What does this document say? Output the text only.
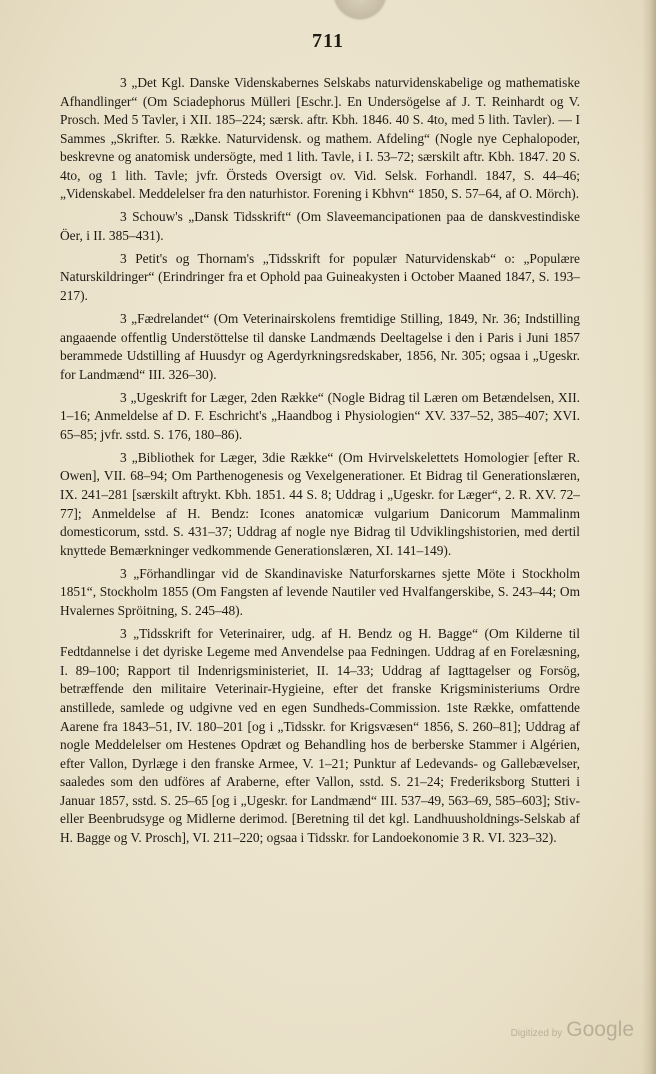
711

3 „Det Kgl. Danske Videnskabernes Selskabs naturvidenskabelige og mathematiske Afhandlinger“ (Om Sciadephorus Mülleri [Eschr.]. En Undersögelse af J. T. Reinhardt og V. Prosch. Med 5 Tavler, i XII. 185–224; særsk. aftr. Kbh. 1846. 40 S. 4to, med 5 lith. Tavler). — I Sammes „Skrifter. 5. Række. Naturvidensk. og mathem. Afdeling“ (Nogle nye Cephalopoder, beskrevne og anatomisk undersögte, med 1 lith. Tavle, i I. 53–72; særskilt aftr. Kbh. 1847. 20 S. 4to, og 1 lith. Tavle; jvfr. Örsteds Oversigt ov. Vid. Selsk. Forhandl. 1847, S. 44–46; „Videnskabel. Meddelelser fra den naturhistor. Forening i Kbhvn“ 1850, S. 57–64, af O. Mörch).

3 Schouw's „Dansk Tidsskrift“ (Om Slaveemancipationen paa de danskvestindiske Öer, i II. 385–431).

3 Petit's og Thornam's „Tidsskrift for populær Naturvidenskab“ o: „Populære Naturskildringer“ (Erindringer fra et Ophold paa Guineakysten i October Maaned 1847, S. 193–217).

3 „Fædrelandet“ (Om Veterinairskolens fremtidige Stilling, 1849, Nr. 36; Indstilling angaaende offentlig Understöttelse til danske Landmænds Deeltagelse i den i Paris i Juni 1857 berammede Udstilling af Huusdyr og Agerdyrkningsredskaber, 1856, Nr. 305; ogsaa i „Ugeskr. for Landmænd“ III. 326–30).

3 „Ugeskrift for Læger, 2den Række“ (Nogle Bidrag til Læren om Betændelsen, XII. 1–16; Anmeldelse af D. F. Eschricht's „Haandbog i Physiologien“ XV. 337–52, 385–407; XVI. 65–85; jvfr. sstd. S. 176, 180–86).

3 „Bibliothek for Læger, 3die Række“ (Om Hvirvelskelettets Homologier [efter R. Owen], VII. 68–94; Om Parthenogenesis og Vexelgenerationer. Et Bidrag til Generationslæren, IX. 241–281 [særskilt aftrykt. Kbh. 1851. 44 S. 8; Uddrag i „Ugeskr. for Læger“, 2. R. XV. 72–77]; Anmeldelse af H. Bendz: Icones anatomicæ vulgarium Danicorum Mammalinm domesticorum, sstd. S. 431–37; Uddrag af nogle nye Bidrag til Udviklingshistorien, med dertil knyttede Bemærkninger vedkommende Generationslæren, XI. 141–149).

3 „Förhandlingar vid de Skandinaviske Naturforskarnes sjette Möte i Stockholm 1851“, Stockholm 1855 (Om Fangsten af levende Nautiler ved Hvalfangerskibe, S. 243–44; Om Hvalernes Spröitning, S. 245–48).

3 „Tidsskrift for Veterinairer, udg. af H. Bendz og H. Bagge“ (Om Kilderne til Fedtdannelse i det dyriske Legeme med Anvendelse paa Fedningen. Uddrag af en Forelæsning, I. 89–100; Rapport til Indenrigsministeriet, II. 14–33; Uddrag af Iagttagelser og Forsög, betræffende den militaire Veterinair-Hygieine, efter det franske Krigsministeriums Ordre anstillede, samlede og udgivne ved en egen Sundheds-Commission. 1ste Række, omfattende Aarene fra 1843–51, IV. 180–201 [og i „Tidsskr. for Krigsvæsen“ 1856, S. 260–81]; Uddrag af nogle Meddelelser om Hestenes Opdræt og Behandling hos de berberske Stammer i Algérien, efter Vallon, Dyrlæge i den franske Armee, V. 1–21; Punktur af Ledevands- og Gallebævelser, saaledes som den udföres af Araberne, efter Vallon, sstd. S. 21–24; Frederiksborg Stutteri i Januar 1857, sstd. S. 25–65 [og i „Ugeskr. for Landmænd“ III. 537–49, 563–69, 585–603]; Stiv- eller Beenbrudsyge og Midlerne derimod. [Beretning til det kgl. Landhuusholdnings-Selskab af H. Bagge og V. Prosch], VI. 211–220; ogsaa i Tidsskr. for Landoekonomie 3 R. VI. 323–32).

Digitized by Google
